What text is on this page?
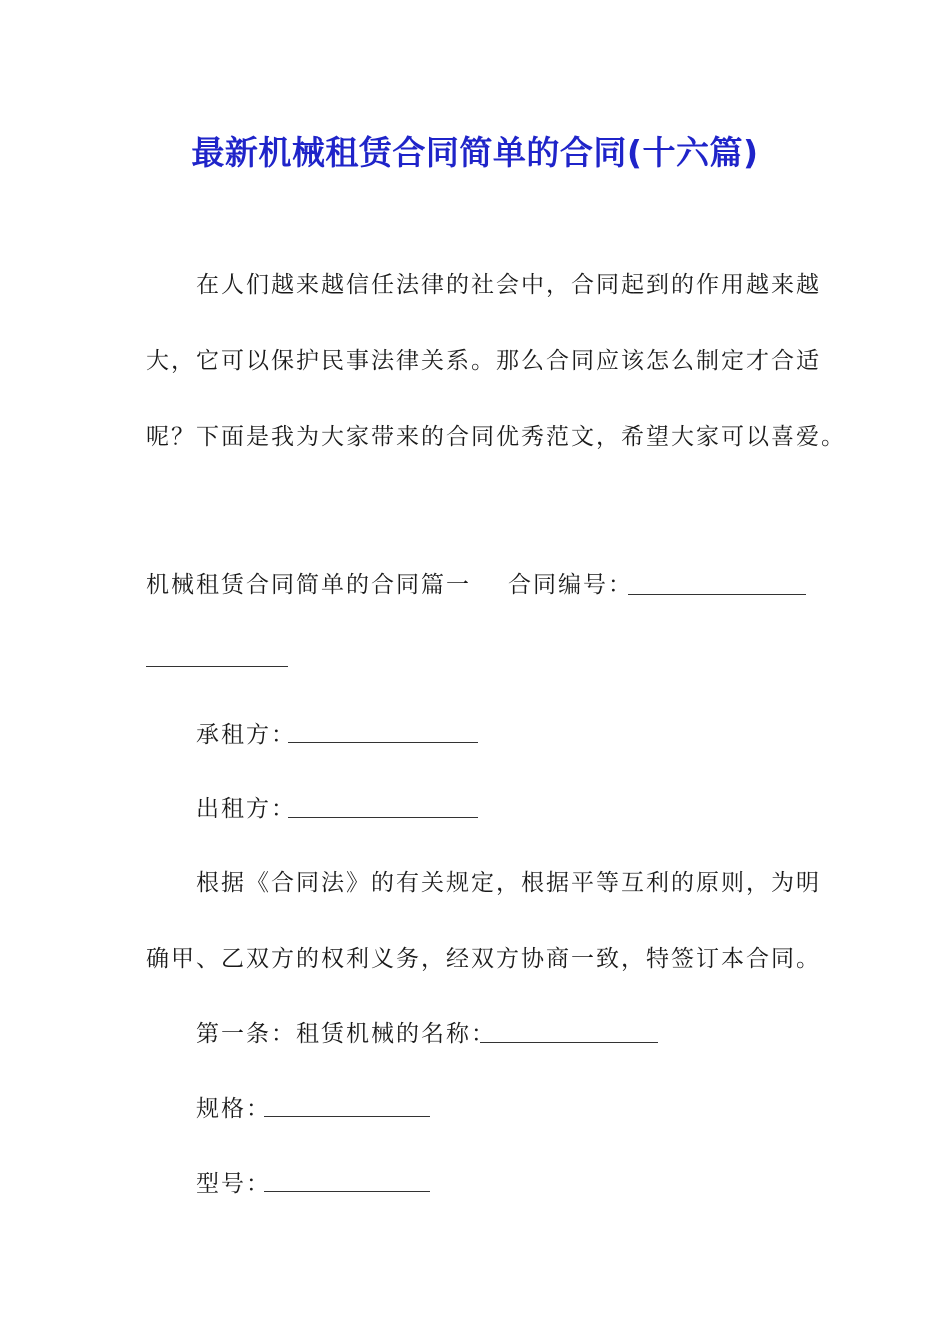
最新机械租赁合同简单的合同(十六篇)
在人们越来越信任法律的社会中，合同起到的作用越来越
大，它可以保护民事法律关系。那么合同应该怎么制定才合适
呢？下面是我为大家带来的合同优秀范文，希望大家可以喜爱。
机械租赁合同简单的合同篇一 合同编号：
承租方：
出租方：
根据《合同法》的有关规定，根据平等互利的原则，为明
确甲、乙双方的权利义务，经双方协商一致，特签订本合同。
第一条：租赁机械的名称：
规格：
型号：
